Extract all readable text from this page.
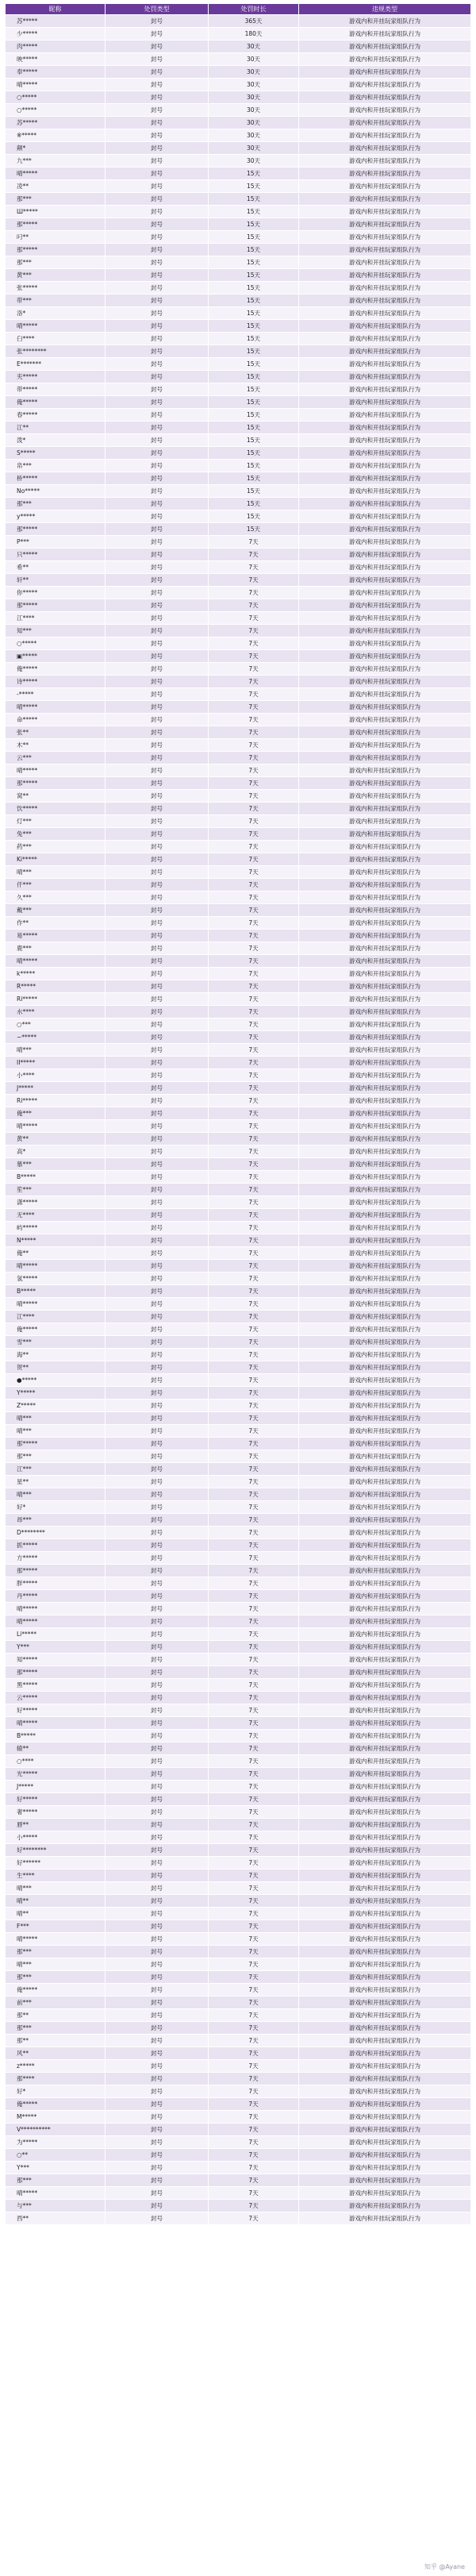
昵称	处罚类型	处罚时长	违规类型
苏*****	封号	365天	游戏内和开挂玩家组队行为
少*****	封号	180天	游戏内和开挂玩家组队行为
肉*****	封号	30天	游戏内和开挂玩家组队行为
映*****	封号	30天	游戏内和开挂玩家组队行为
奉*****	封号	30天	游戏内和开挂玩家组队行为
晴*****	封号	30天	游戏内和开挂玩家组队行为
○*****	封号	30天	游戏内和开挂玩家组队行为
○*****	封号	30天	游戏内和开挂玩家组队行为
苏*****	封号	30天	游戏内和开挂玩家组队行为
※*****	封号	30天	游戏内和开挂玩家组队行为
颠*	封号	30天	游戏内和开挂玩家组队行为
九***	封号	30天	游戏内和开挂玩家组队行为
晴*****	封号	15天	游戏内和开挂玩家组队行为
凌**	封号	15天	游戏内和开挂玩家组队行为
那***	封号	15天	游戏内和开挂玩家组队行为
Ш*****	封号	15天	游戏内和开挂玩家组队行为
那*****	封号	15天	游戏内和开挂玩家组队行为
叼**	封号	15天	游戏内和开挂玩家组队行为
那*****	封号	15天	游戏内和开挂玩家组队行为
那***	封号	15天	游戏内和开挂玩家组队行为
黄***	封号	15天	游戏内和开挂玩家组队行为
张*****	封号	15天	游戏内和开挂玩家组队行为
带***	封号	15天	游戏内和开挂玩家组队行为
洛*	封号	15天	游戏内和开挂玩家组队行为
晴*****	封号	15天	游戏内和开挂玩家组队行为
臼****	封号	15天	游戏内和开挂玩家组队行为
张********	封号	15天	游戏内和开挂玩家组队行为
E*******	封号	15天	游戏内和开挂玩家组队行为
夹*****	封号	15天	游戏内和开挂玩家组队行为
带*****	封号	15天	游戏内和开挂玩家组队行为
俺*****	封号	15天	游戏内和开挂玩家组队行为
春*****	封号	15天	游戏内和开挂玩家组队行为
江**	封号	15天	游戏内和开挂玩家组队行为
泼*	封号	15天	游戏内和开挂玩家组队行为
S*****	封号	15天	游戏内和开挂玩家组队行为
帛***	封号	15天	游戏内和开挂玩家组队行为
桥*****	封号	15天	游戏内和开挂玩家组队行为
No*****	封号	15天	游戏内和开挂玩家组队行为
那***	封号	15天	游戏内和开挂玩家组队行为
y*****	封号	15天	游戏内和开挂玩家组队行为
那*****	封号	15天	游戏内和开挂玩家组队行为
P***	封号	7天	游戏内和开挂玩家组队行为
只*****	封号	7天	游戏内和开挂玩家组队行为
希**	封号	7天	游戏内和开挂玩家组队行为
轩**	封号	7天	游戏内和开挂玩家组队行为
你*****	封号	7天	游戏内和开挂玩家组队行为
那*****	封号	7天	游戏内和开挂玩家组队行为
江****	封号	7天	游戏内和开挂玩家组队行为
知***	封号	7天	游戏内和开挂玩家组队行为
○*****	封号	7天	游戏内和开挂玩家组队行为
▣*****	封号	7天	游戏内和开挂玩家组队行为
俺*****	封号	7天	游戏内和开挂玩家组队行为
诗*****	封号	7天	游戏内和开挂玩家组队行为
-*****	封号	7天	游戏内和开挂玩家组队行为
晴*****	封号	7天	游戏内和开挂玩家组队行为
命*****	封号	7天	游戏内和开挂玩家组队行为
张**	封号	7天	游戏内和开挂玩家组队行为
木**	封号	7天	游戏内和开挂玩家组队行为
云***	封号	7天	游戏内和开挂玩家组队行为
晴*****	封号	7天	游戏内和开挂玩家组队行为
那*****	封号	7天	游戏内和开挂玩家组队行为
窝**	封号	7天	游戏内和开挂玩家组队行为
饮*****	封号	7天	游戏内和开挂玩家组队行为
灯***	封号	7天	游戏内和开挂玩家组队行为
兔***	封号	7天	游戏内和开挂玩家组队行为
药***	封号	7天	游戏内和开挂玩家组队行为
Ki*****	封号	7天	游戏内和开挂玩家组队行为
晴***	封号	7天	游戏内和开挂玩家组队行为
仟***	封号	7天	游戏内和开挂玩家组队行为
久***	封号	7天	游戏内和开挂玩家组队行为
戴***	封号	7天	游戏内和开挂玩家组队行为
作**	封号	7天	游戏内和开挂玩家组队行为
易*****	封号	7天	游戏内和开挂玩家组队行为
鹿***	封号	7天	游戏内和开挂玩家组队行为
晴*****	封号	7天	游戏内和开挂玩家组队行为
k*****	封号	7天	游戏内和开挂玩家组队行为
R*****	封号	7天	游戏内和开挂玩家组队行为
Ri*****	封号	7天	游戏内和开挂玩家组队行为
水****	封号	7天	游戏内和开挂玩家组队行为
○***	封号	7天	游戏内和开挂玩家组队行为
~*****	封号	7天	游戏内和开挂玩家组队行为
晴***	封号	7天	游戏内和开挂玩家组队行为
II*****	封号	7天	游戏内和开挂玩家组队行为
小****	封号	7天	游戏内和开挂玩家组队行为
J*****	封号	7天	游戏内和开挂玩家组队行为
Ri*****	封号	7天	游戏内和开挂玩家组队行为
俺***	封号	7天	游戏内和开挂玩家组队行为
晴*****	封号	7天	游戏内和开挂玩家组队行为
黄**	封号	7天	游戏内和开挂玩家组队行为
高*	封号	7天	游戏内和开挂玩家组队行为
慕***	封号	7天	游戏内和开挂玩家组队行为
B*****	封号	7天	游戏内和开挂玩家组队行为
笙***	封号	7天	游戏内和开挂玩家组队行为
潇*****	封号	7天	游戏内和开挂玩家组队行为
无****	封号	7天	游戏内和开挂玩家组队行为
屿*****	封号	7天	游戏内和开挂玩家组队行为
N*****	封号	7天	游戏内和开挂玩家组队行为
俺**	封号	7天	游戏内和开挂玩家组队行为
晴*****	封号	7天	游戏内和开挂玩家组队行为
氢*****	封号	7天	游戏内和开挂玩家组队行为
B*****	封号	7天	游戏内和开挂玩家组队行为
晴*****	封号	7天	游戏内和开挂玩家组队行为
江****	封号	7天	游戏内和开挂玩家组队行为
俺*****	封号	7天	游戏内和开挂玩家组队行为
雪***	封号	7天	游戏内和开挂玩家组队行为
海**	封号	7天	游戏内和开挂玩家组队行为
贺**	封号	7天	游戏内和开挂玩家组队行为
●*****	封号	7天	游戏内和开挂玩家组队行为
Y*****	封号	7天	游戏内和开挂玩家组队行为
Z*****	封号	7天	游戏内和开挂玩家组队行为
晴***	封号	7天	游戏内和开挂玩家组队行为
晴***	封号	7天	游戏内和开挂玩家组队行为
那*****	封号	7天	游戏内和开挂玩家组队行为
那***	封号	7天	游戏内和开挂玩家组队行为
江***	封号	7天	游戏内和开挂玩家组队行为
星**	封号	7天	游戏内和开挂玩家组队行为
晴***	封号	7天	游戏内和开挂玩家组队行为
好*	封号	7天	游戏内和开挂玩家组队行为
昂***	封号	7天	游戏内和开挂玩家组队行为
D********	封号	7天	游戏内和开挂玩家组队行为
抓*****	封号	7天	游戏内和开挂玩家组队行为
方*****	封号	7天	游戏内和开挂玩家组队行为
那*****	封号	7天	游戏内和开挂玩家组队行为
胖*****	封号	7天	游戏内和开挂玩家组队行为
丹*****	封号	7天	游戏内和开挂玩家组队行为
晴*****	封号	7天	游戏内和开挂玩家组队行为
晴*****	封号	7天	游戏内和开挂玩家组队行为
Li*****	封号	7天	游戏内和开挂玩家组队行为
Y***	封号	7天	游戏内和开挂玩家组队行为
知*****	封号	7天	游戏内和开挂玩家组队行为
那*****	封号	7天	游戏内和开挂玩家组队行为
黑*****	封号	7天	游戏内和开挂玩家组队行为
云*****	封号	7天	游戏内和开挂玩家组队行为
好*****	封号	7天	游戏内和开挂玩家组队行为
晴*****	封号	7天	游戏内和开挂玩家组队行为
B*****	封号	7天	游戏内和开挂玩家组队行为
辕**	封号	7天	游戏内和开挂玩家组队行为
○****	封号	7天	游戏内和开挂玩家组队行为
光*****	封号	7天	游戏内和开挂玩家组队行为
J*****	封号	7天	游戏内和开挂玩家组队行为
好*****	封号	7天	游戏内和开挂玩家组队行为
奢*****	封号	7天	游戏内和开挂玩家组队行为
唇**	封号	7天	游戏内和开挂玩家组队行为
小*****	封号	7天	游戏内和开挂玩家组队行为
好********	封号	7天	游戏内和开挂玩家组队行为
好******	封号	7天	游戏内和开挂玩家组队行为
生****	封号	7天	游戏内和开挂玩家组队行为
晴***	封号	7天	游戏内和开挂玩家组队行为
晴**	封号	7天	游戏内和开挂玩家组队行为
晴**	封号	7天	游戏内和开挂玩家组队行为
F***	封号	7天	游戏内和开挂玩家组队行为
晴*****	封号	7天	游戏内和开挂玩家组队行为
那***	封号	7天	游戏内和开挂玩家组队行为
晴***	封号	7天	游戏内和开挂玩家组队行为
那***	封号	7天	游戏内和开挂玩家组队行为
俺*****	封号	7天	游戏内和开挂玩家组队行为
前***	封号	7天	游戏内和开挂玩家组队行为
那**	封号	7天	游戏内和开挂玩家组队行为
那***	封号	7天	游戏内和开挂玩家组队行为
那**	封号	7天	游戏内和开挂玩家组队行为
风**	封号	7天	游戏内和开挂玩家组队行为
z*****	封号	7天	游戏内和开挂玩家组队行为
那****	封号	7天	游戏内和开挂玩家组队行为
好*	封号	7天	游戏内和开挂玩家组队行为
俺*****	封号	7天	游戏内和开挂玩家组队行为
M*****	封号	7天	游戏内和开挂玩家组队行为
V**********	封号	7天	游戏内和开挂玩家组队行为
为*****	封号	7天	游戏内和开挂玩家组队行为
○**	封号	7天	游戏内和开挂玩家组队行为
Y***	封号	7天	游戏内和开挂玩家组队行为
那***	封号	7天	游戏内和开挂玩家组队行为
晴*****	封号	7天	游戏内和开挂玩家组队行为
与***	封号	7天	游戏内和开挂玩家组队行为
西**	封号	7天	游戏内和开挂玩家组队行为
知乎 @Ayane
